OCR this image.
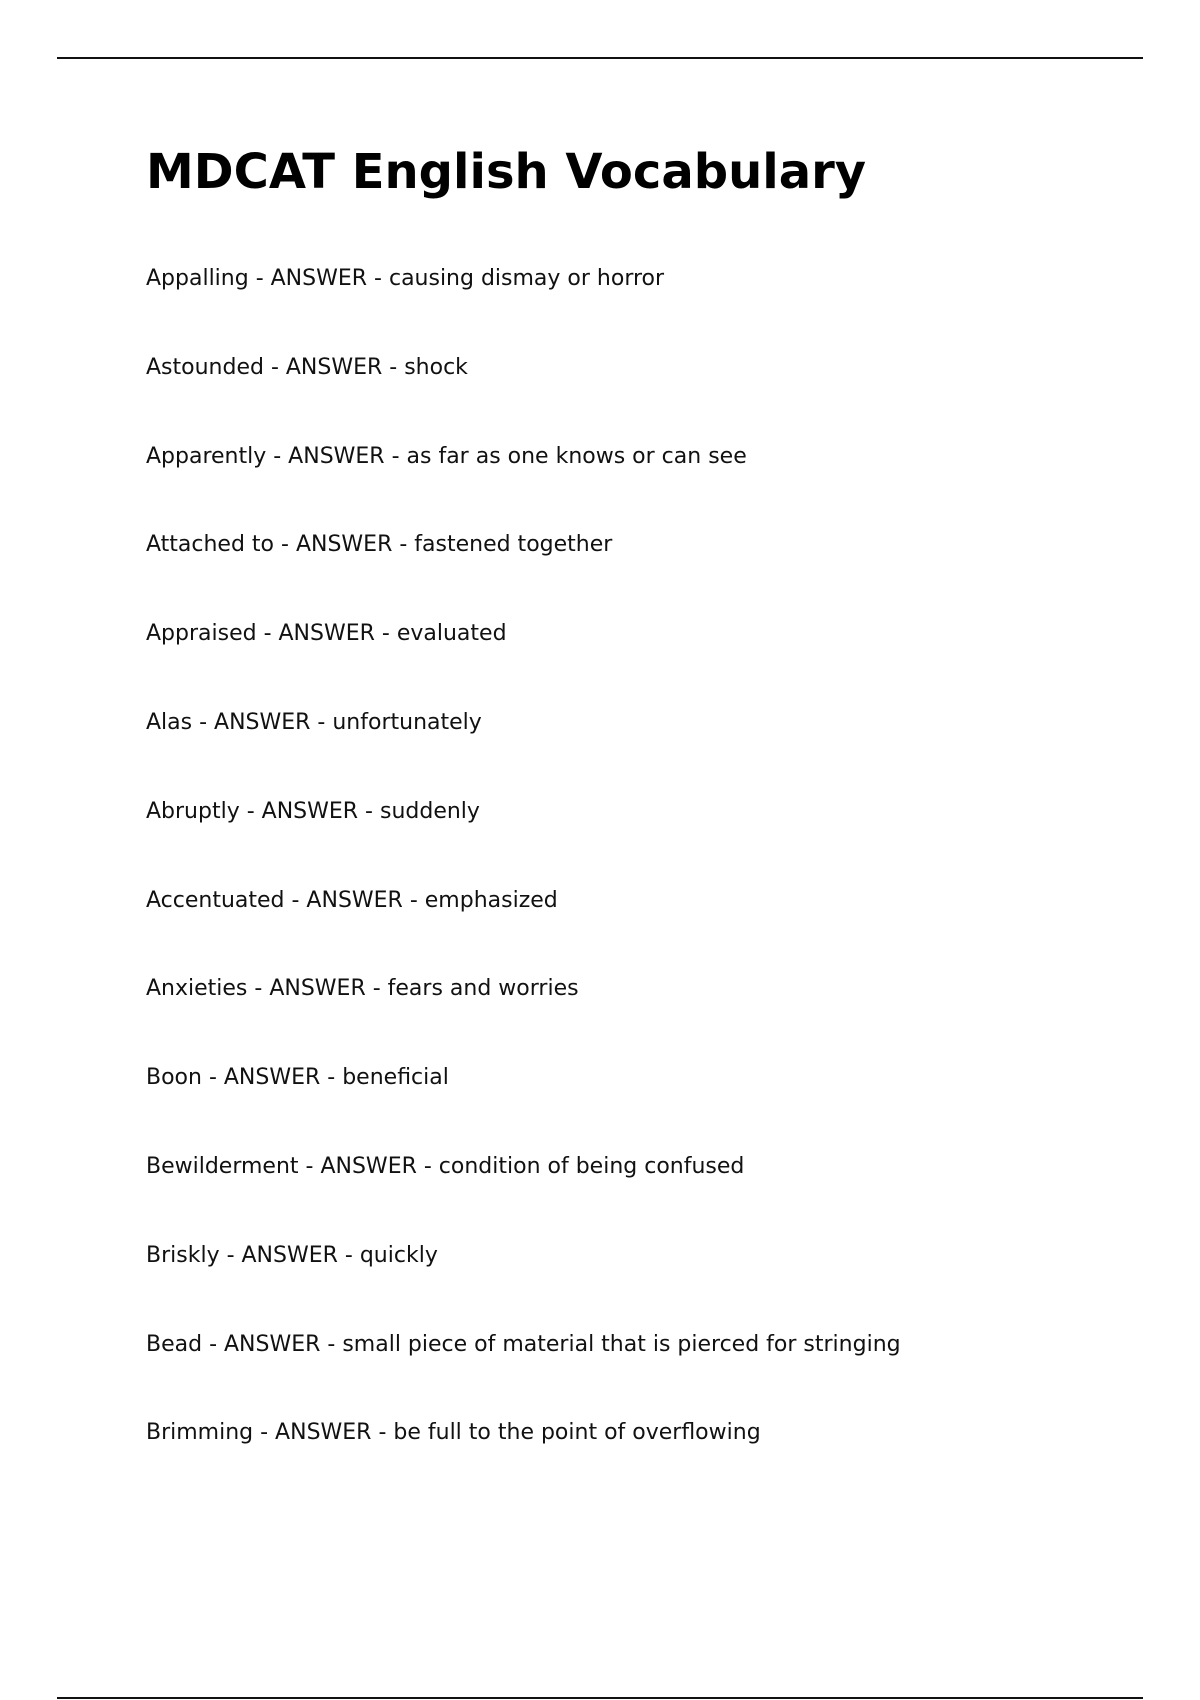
MDCAT English Vocabulary
Appalling - ANSWER - causing dismay or horror
Astounded - ANSWER - shock
Apparently - ANSWER - as far as one knows or can see
Attached to - ANSWER - fastened together
Appraised - ANSWER - evaluated
Alas - ANSWER - unfortunately
Abruptly - ANSWER - suddenly
Accentuated - ANSWER - emphasized
Anxieties - ANSWER - fears and worries
Boon - ANSWER - beneficial
Bewilderment - ANSWER - condition of being confused
Briskly - ANSWER - quickly
Bead - ANSWER - small piece of material that is pierced for stringing
Brimming - ANSWER - be full to the point of overflowing
